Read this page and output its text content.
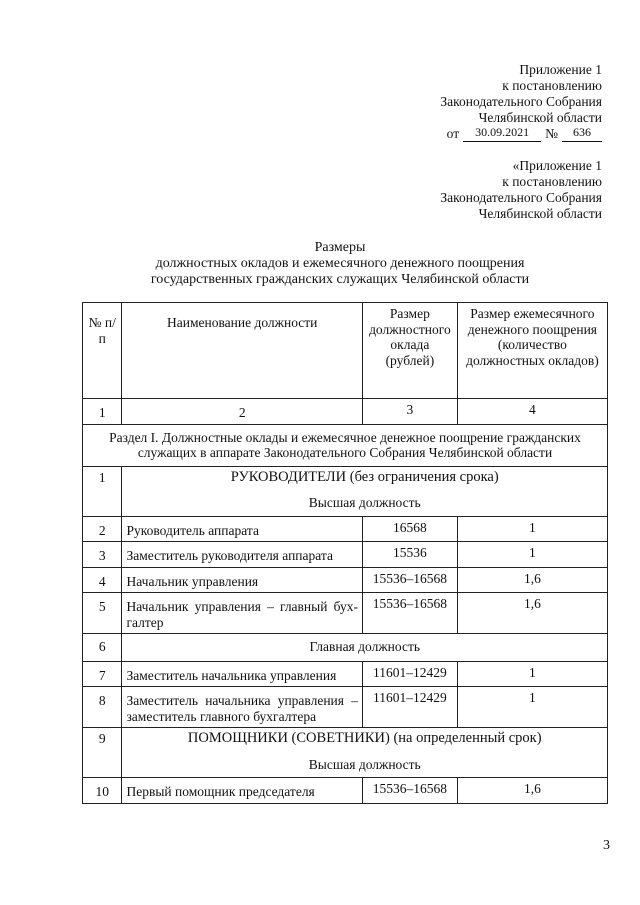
Приложение 1
к постановлению
Законодательного Собрания
Челябинской области
от	30.09.2021	№	636
«Приложение 1
к постановлению
Законодательного Собрания
Челябинской области
Размеры
должностных окладов и ежемесячного денежного поощрения
государственных гражданских служащих Челябинской области
№ п/п	Наименование должности	Размер должностного оклада (рублей)	Размер ежемесячного денежного поощрения (количество должностных окладов)
1	2	3	4
Раздел I. Должностные оклады и ежемесячное денежное поощрение гражданских служащих в аппарате Законодательного Собрания Челябинской области			
1	РУКОВОДИТЕЛИ (без ограничения срока)
Высшая должность		

2	Руководитель аппарата	16568	1
3	Заместитель руководителя аппарата	15536	1
4	Начальник управления	15536–16568	1,6
5	Начальник управления – главный бух-галтер	15536–16568	1,6
6	Главная должность		
7	Заместитель начальника управления	11601–12429	1
8	Заместитель начальника управления – заместитель главного бухгалтера	11601–12429	1
9	ПОМОЩНИКИ (СОВЕТНИКИ) (на определенный срок)
Высшая должность		

10	Первый помощник председателя	15536–16568	1,6
3
